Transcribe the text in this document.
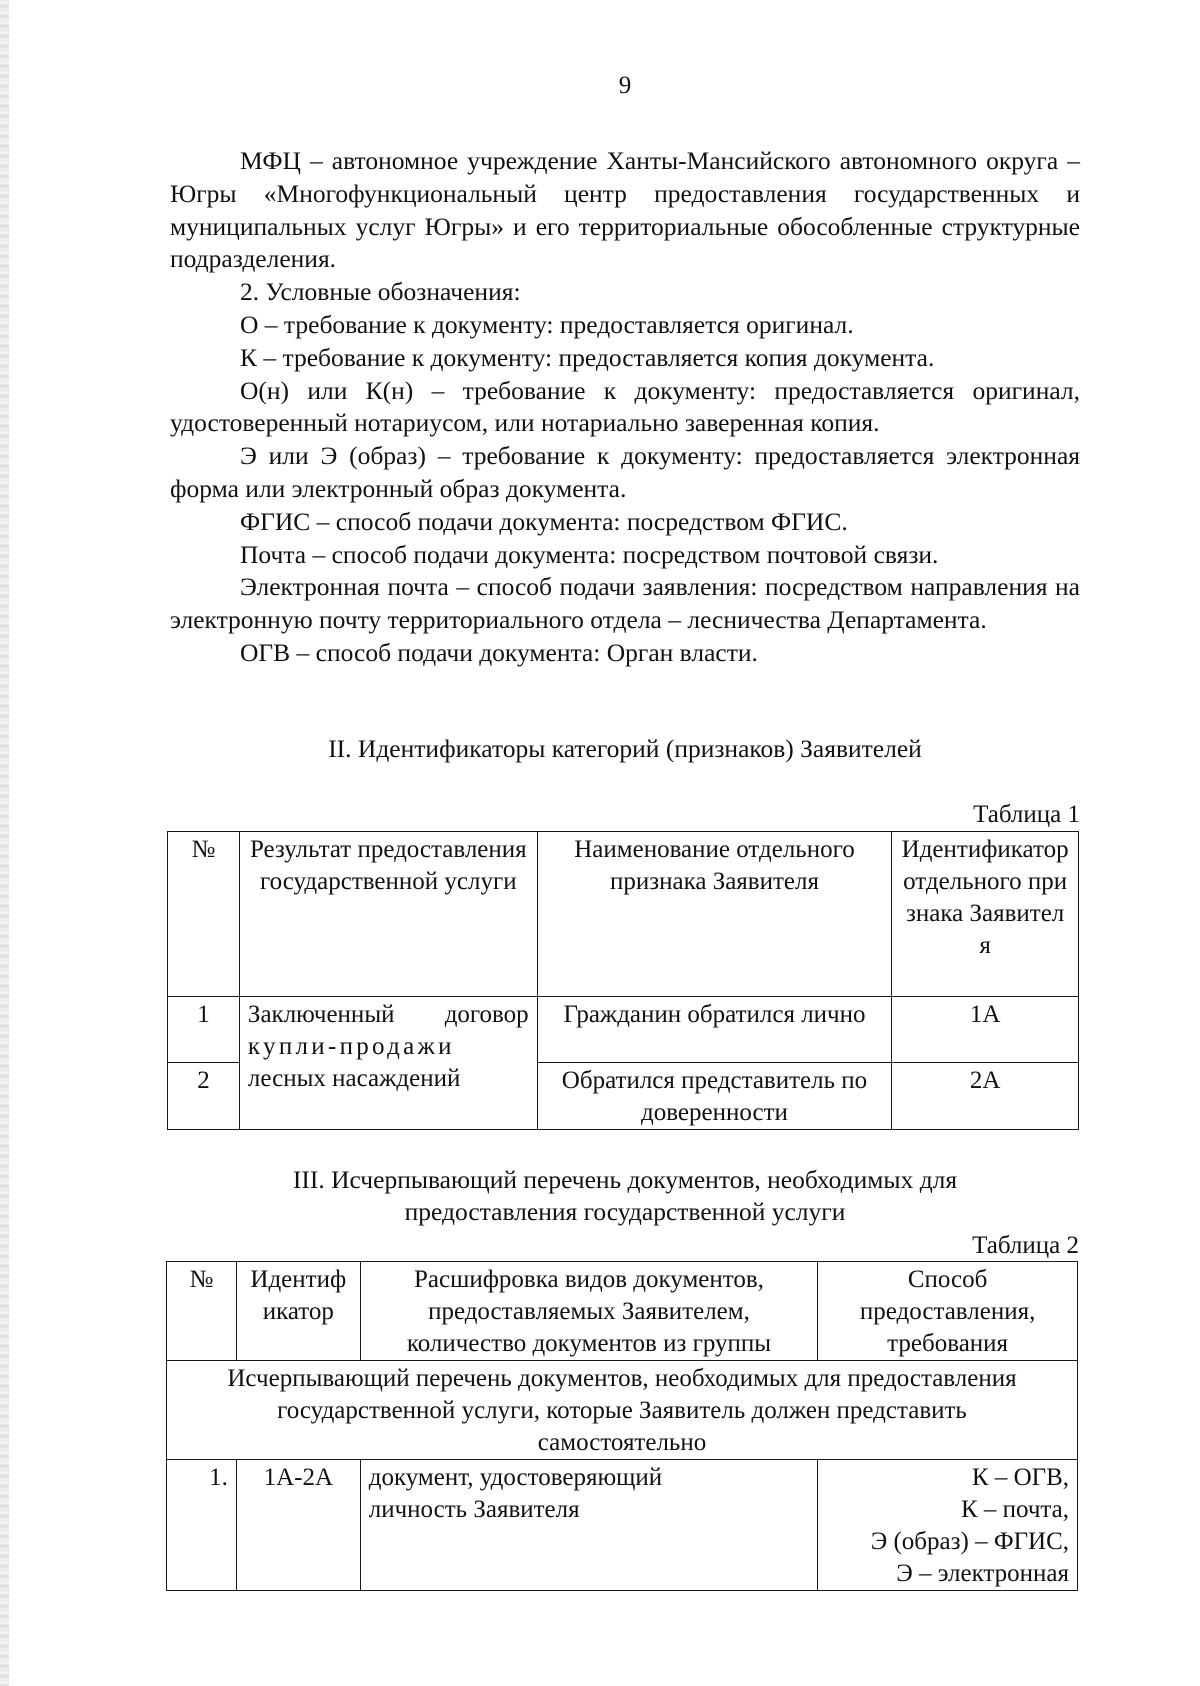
9

МФЦ – автономное учреждение Ханты-Мансийского автономного округа – Югры «Многофункциональный центр предоставления государственных и муниципальных услуг Югры» и его территориальные обособленные структурные подразделения.

2. Условные обозначения:

О – требование к документу: предоставляется оригинал.

К – требование к документу: предоставляется копия документа.

О(н) или К(н) – требование к документу: предоставляется оригинал, удостоверенный нотариусом, или нотариально заверенная копия.

Э или Э (образ) – требование к документу: предоставляется электронная форма или электронный образ документа.

ФГИС – способ подачи документа: посредством ФГИС.

Почта – способ подачи документа: посредством почтовой связи.

Электронная почта – способ подачи заявления: посредством направления на электронную почту территориального отдела – лесничества Департамента.

ОГВ – способ подачи документа: Орган власти.

II. Идентификаторы категорий (признаков) Заявителей
Таблица 1
№	Результат предоставления государственной услуги	Наименование отдельного признака Заявителя	Идентификатор отдельного признака Заявителя
1	Заключенный договор
купли-продажи
лесных насаждений	Гражданин обратился лично	1А
2		Обратился представитель по доверенности	2А
III. Исчерпывающий перечень документов, необходимых для
предоставления государственной услуги
Таблица 2
№	Идентификатор	Расшифровка видов документов, предоставляемых Заявителем, количество документов из группы	Способ предоставления, требования
Исчерпывающий перечень документов, необходимых для предоставления государственной услуги, которые Заявитель должен представить самостоятельно			
1.	1А-2А	документ, удостоверяющий личность Заявителя	К – ОГВ,
К – почта,
Э (образ) – ФГИС,
Э – электронная
